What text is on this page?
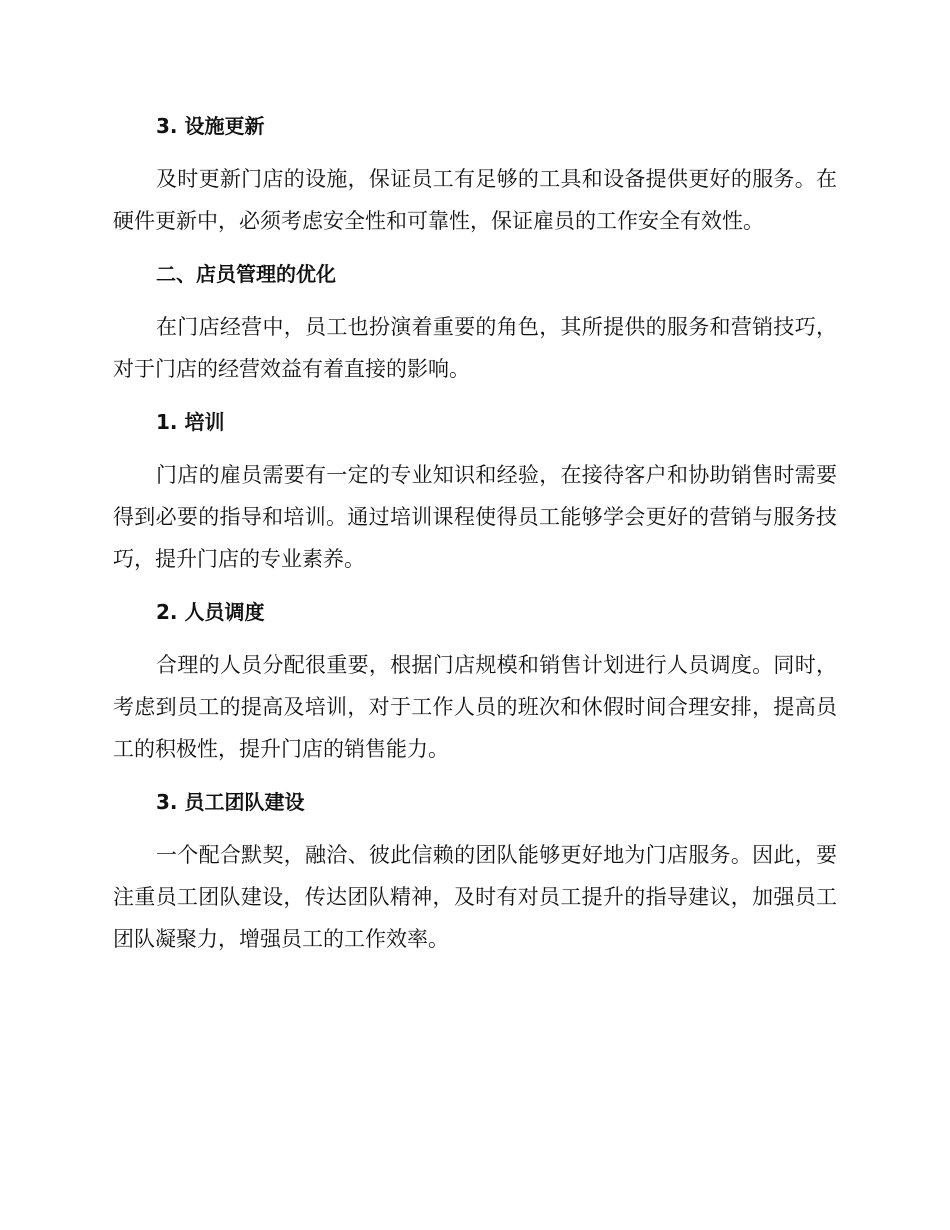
3. 设施更新

及时更新门店的设施，保证员工有足够的工具和设备提供更好的服务。在硬件更新中，必须考虑安全性和可靠性，保证雇员的工作安全有效性。

二、店员管理的优化

在门店经营中，员工也扮演着重要的角色，其所提供的服务和营销技巧，对于门店的经营效益有着直接的影响。

1. 培训

门店的雇员需要有一定的专业知识和经验，在接待客户和协助销售时需要得到必要的指导和培训。通过培训课程使得员工能够学会更好的营销与服务技巧，提升门店的专业素养。

2. 人员调度

合理的人员分配很重要，根据门店规模和销售计划进行人员调度。同时，考虑到员工的提高及培训，对于工作人员的班次和休假时间合理安排，提高员工的积极性，提升门店的销售能力。

3. 员工团队建设

一个配合默契，融洽、彼此信赖的团队能够更好地为门店服务。因此，要注重员工团队建设，传达团队精神，及时有对员工提升的指导建议，加强员工团队凝聚力，增强员工的工作效率。
